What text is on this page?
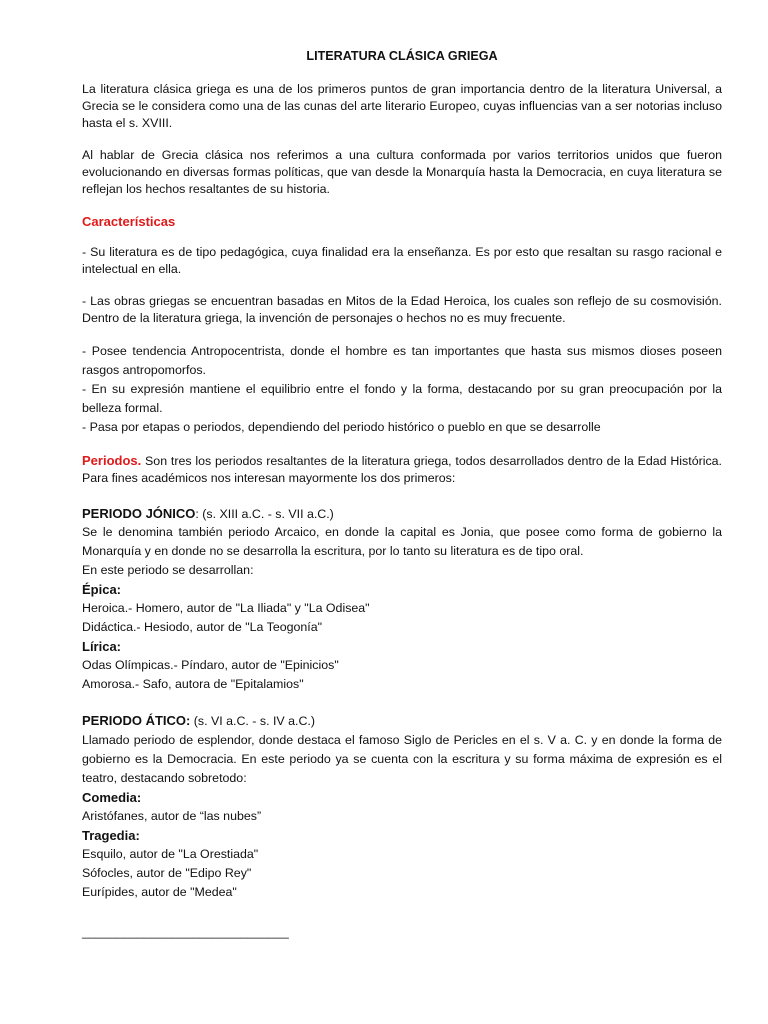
LITERATURA CLÁSICA GRIEGA

La literatura clásica griega es una de los primeros puntos de gran importancia dentro de la literatura Universal, a Grecia se le considera como una de las cunas del arte literario Europeo, cuyas influencias van a ser notorias incluso hasta el s. XVIII.

Al hablar de Grecia clásica nos referimos a una cultura conformada por varios territorios unidos que fueron evolucionando en diversas formas políticas, que van desde la Monarquía hasta la Democracia, en cuya literatura se reflejan los hechos resaltantes de su historia.

Características

- Su literatura es de tipo pedagógica, cuya finalidad era la enseñanza. Es por esto que resaltan su rasgo racional e intelectual en ella.

- Las obras griegas se encuentran basadas en Mitos de la Edad Heroica, los cuales son reflejo de su cosmovisión. Dentro de la literatura griega, la invención de personajes o hechos no es muy frecuente.

- Posee tendencia Antropocentrista, donde el hombre es tan importantes que hasta sus mismos dioses poseen rasgos antropomorfos.

- En su expresión mantiene el equilibrio entre el fondo y la forma, destacando por su gran preocupación por la belleza formal.

- Pasa por etapas o periodos, dependiendo del periodo histórico o pueblo en que se desarrolle

Periodos. Son tres los periodos resaltantes de la literatura griega, todos desarrollados dentro de la Edad Histórica. Para fines académicos nos interesan mayormente los dos primeros:

PERIODO JÓNICO: (s. XIII a.C. - s. VII a.C.)

Se le denomina también periodo Arcaico, en donde la capital es Jonia, que posee como forma de gobierno la Monarquía y en donde no se desarrolla la escritura, por lo tanto su literatura es de tipo oral.

En este periodo se desarrollan:
Épica:
Heroica.- Homero, autor de "La Iliada" y "La Odisea"
Didáctica.- Hesiodo, autor de "La Teogonía"
Lírica:
Odas Olímpicas.- Píndaro, autor de "Epinicios"
Amorosa.- Safo, autora de "Epitalamios"
PERIODO ÁTICO: (s. VI a.C. - s. IV a.C.)

Llamado periodo de esplendor, donde destaca el famoso Siglo de Pericles en el s. V a. C. y en donde la forma de gobierno es la Democracia. En este periodo ya se cuenta con la escritura y su forma máxima de expresión es el teatro, destacando sobretodo:

Comedia:
Aristófanes, autor de “las nubes”
Tragedia:
Esquilo, autor de "La Orestiada"
Sófocles, autor de "Edipo Rey"
Eurípides, autor de "Medea"
______________________________
